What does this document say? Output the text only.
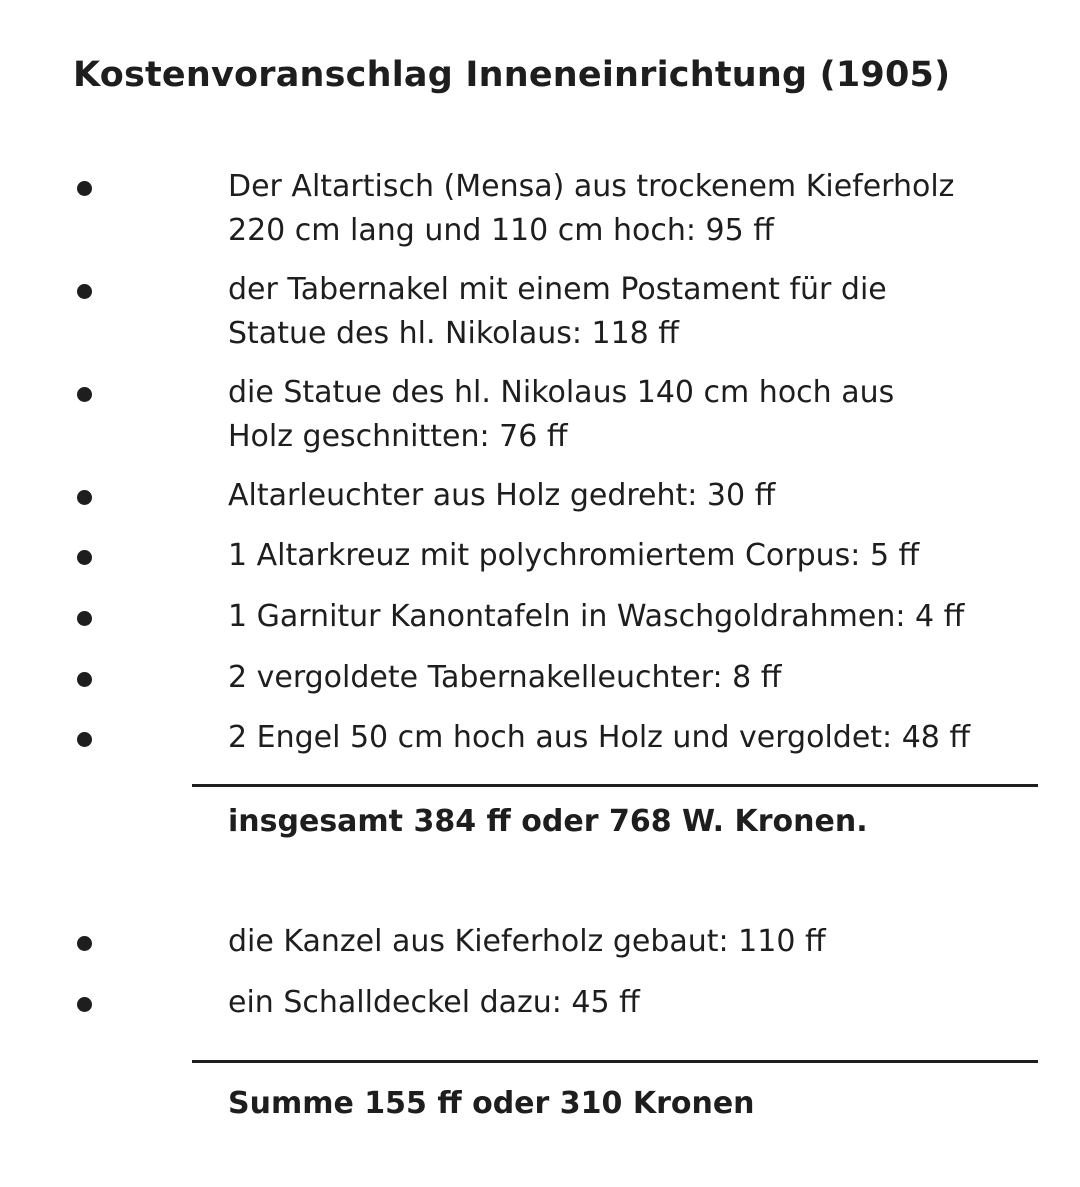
Kostenvoranschlag Inneneinrichtung (1905)
Der Altartisch (Mensa) aus trockenem Kieferholz
220 cm lang und 110 cm hoch: 95 ff
der Tabernakel mit einem Postament für die
Statue des hl. Nikolaus: 118 ff
die Statue des hl. Nikolaus 140 cm hoch aus
Holz geschnitten: 76 ff
Altarleuchter aus Holz gedreht: 30 ff
1 Altarkreuz mit polychromiertem Corpus: 5 ff
1 Garnitur Kanontafeln in Waschgoldrahmen: 4 ff
2 vergoldete Tabernakelleuchter: 8 ff
2 Engel 50 cm hoch aus Holz und vergoldet: 48 ff

insgesamt 384 ff oder 768 W. Kronen.

die Kanzel aus Kieferholz gebaut: 110 ff
ein Schalldeckel dazu: 45 ff

Summe 155 ff oder 310 Kronen
